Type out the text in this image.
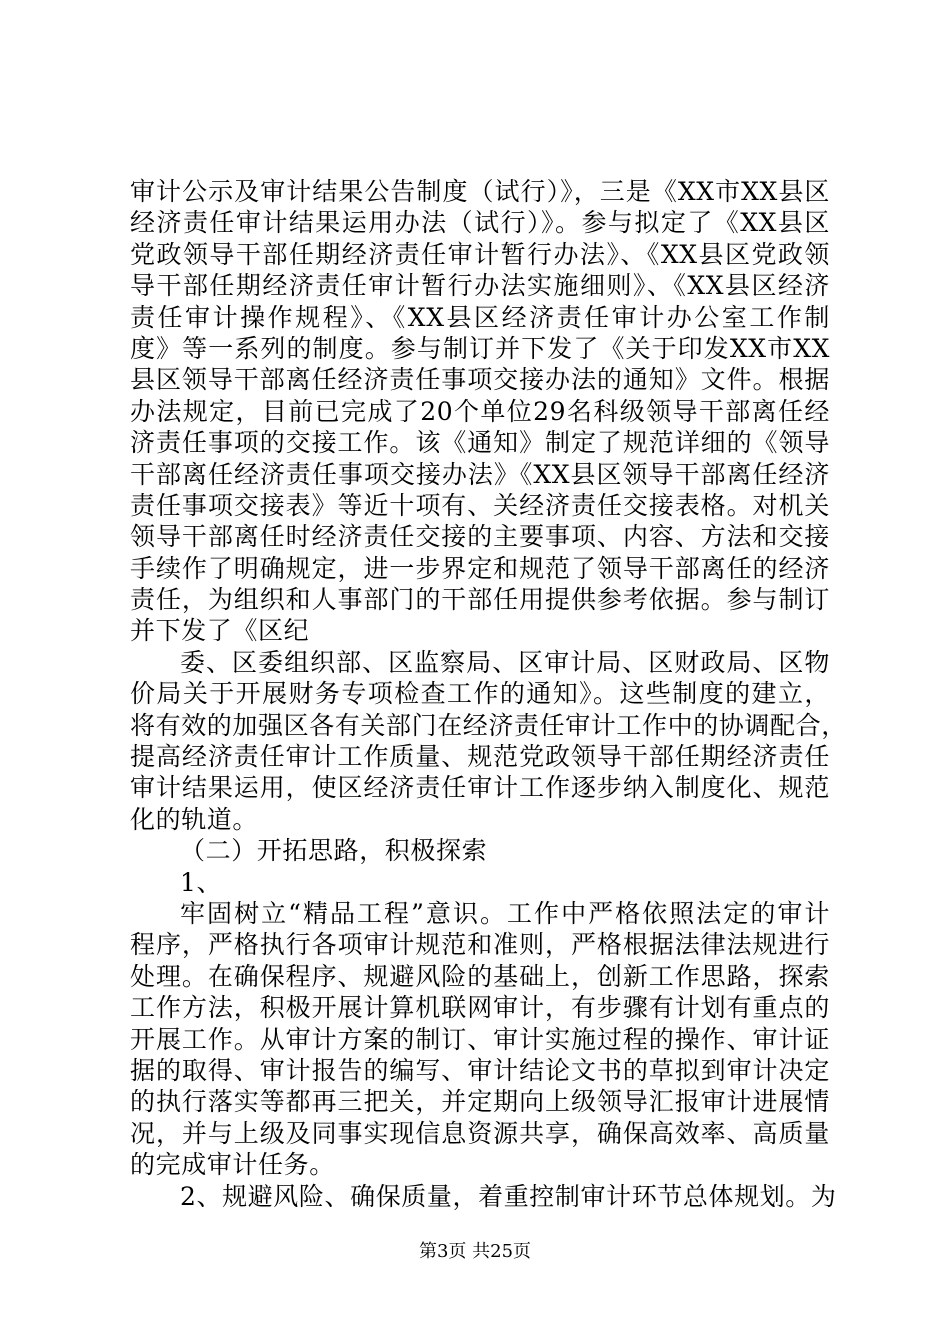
审计公示及审计结果公告制度（试行）》，三是《XX市XX县区
经济责任审计结果运用办法（试行）》。参与拟定了《XX县区
党政领导干部任期经济责任审计暂行办法》、《XX县区党政领
导干部任期经济责任审计暂行办法实施细则》、《XX县区经济
责任审计操作规程》、《XX县区经济责任审计办公室工作制
度》等一系列的制度。参与制订并下发了《关于印发XX市XX
县区领导干部离任经济责任事项交接办法的通知》文件。根据
办法规定，目前已完成了20个单位29名科级领导干部离任经
济责任事项的交接工作。该《通知》制定了规范详细的《领导
干部离任经济责任事项交接办法》《XX县区领导干部离任经济
责任事项交接表》等近十项有、关经济责任交接表格。对机关
领导干部离任时经济责任交接的主要事项、内容、方法和交接
手续作了明确规定，进一步界定和规范了领导干部离任的经济
责任，为组织和人事部门的干部任用提供参考依据。参与制订
并下发了《区纪
委、区委组织部、区监察局、区审计局、区财政局、区物
价局关于开展财务专项检查工作的通知》。这些制度的建立，
将有效的加强区各有关部门在经济责任审计工作中的协调配合，
提高经济责任审计工作质量、规范党政领导干部任期经济责任
审计结果运用，使区经济责任审计工作逐步纳入制度化、规范
化的轨道。
（二）开拓思路，积极探索
1、
牢固树立“精品工程”意识。工作中严格依照法定的审计
程序，严格执行各项审计规范和准则，严格根据法律法规进行
处理。在确保程序、规避风险的基础上，创新工作思路，探索
工作方法，积极开展计算机联网审计，有步骤有计划有重点的
开展工作。从审计方案的制订、审计实施过程的操作、审计证
据的取得、审计报告的编写、审计结论文书的草拟到审计决定
的执行落实等都再三把关，并定期向上级领导汇报审计进展情
况，并与上级及同事实现信息资源共享，确保高效率、高质量
的完成审计任务。
2、规避风险、确保质量，着重控制审计环节总体规划。为
第3页 共25页
